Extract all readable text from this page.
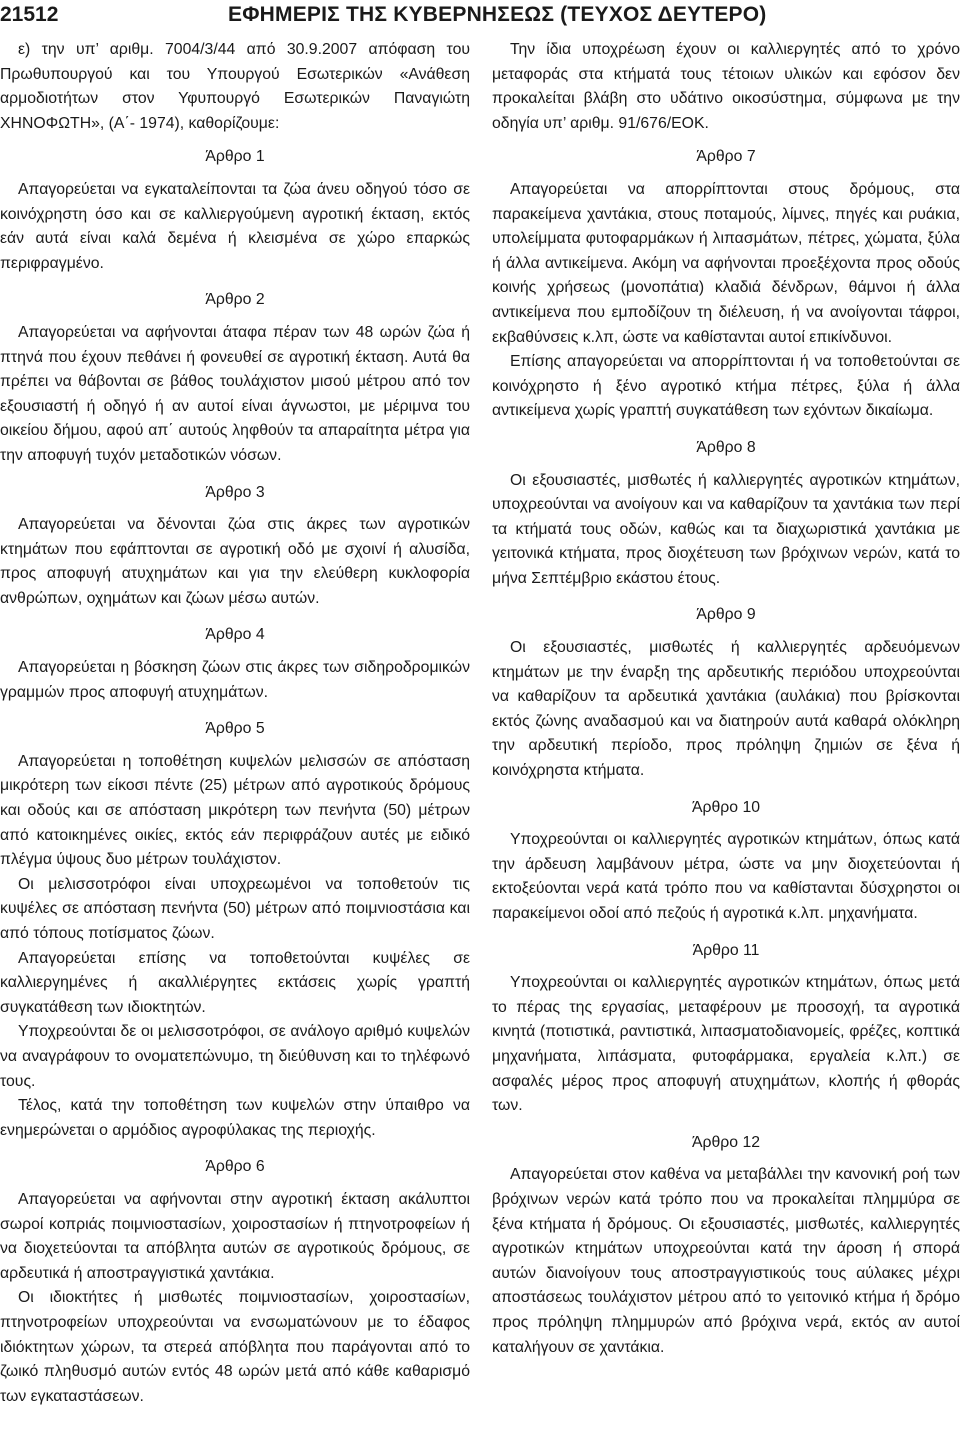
21512	ΕΦΗΜΕΡΙΣ ΤΗΣ ΚΥΒΕΡΝΗΣΕΩΣ (ΤΕΥΧΟΣ ΔΕΥΤΕΡΟ)

ε) την υπ’ αριθμ. 7004/3/44 από 30.9.2007 απόφαση του Πρωθυπουργού και του Υπουργού Εσωτερικών «Ανάθεση αρμοδιοτήτων στον Υφυπουργό Εσωτερικών Παναγιώτη ΧΗΝΟΦΩΤΗ», (Α΄- 1974), καθορίζουμε:

Άρθρο 1

Απαγορεύεται να εγκαταλείπονται τα ζώα άνευ οδηγού τόσο σε κοινόχρηστη όσο και σε καλλιεργούμενη αγροτική έκταση, εκτός εάν αυτά είναι καλά δεμένα ή κλεισμένα σε χώρο επαρκώς περιφραγμένο.

Άρθρο 2

Απαγορεύεται να αφήνονται άταφα πέραν των 48 ωρών ζώα ή πτηνά που έχουν πεθάνει ή φονευθεί σε αγροτική έκταση. Αυτά θα πρέπει να θάβονται σε βάθος τουλάχιστον μισού μέτρου από τον εξουσιαστή ή οδηγό ή αν αυτοί είναι άγνωστοι, με μέριμνα του οικείου δήμου, αφού απ΄ αυτούς ληφθούν τα απαραίτητα μέτρα για την αποφυγή τυχόν μεταδοτικών νόσων.

Άρθρο 3

Απαγορεύεται να δένονται ζώα στις άκρες των αγροτικών κτημάτων που εφάπτονται σε αγροτική οδό με σχοινί ή αλυσίδα, προς αποφυγή ατυχημάτων και για την ελεύθερη κυκλοφορία ανθρώπων, οχημάτων και ζώων μέσω αυτών.

Άρθρο 4

Απαγορεύεται η βόσκηση ζώων στις άκρες των σιδηροδρομικών γραμμών προς αποφυγή ατυχημάτων.

Άρθρο 5

Απαγορεύεται η τοποθέτηση κυψελών μελισσών σε απόσταση μικρότερη των είκοσι πέντε (25) μέτρων από αγροτικούς δρόμους και οδούς και σε απόσταση μικρότερη των πενήντα (50) μέτρων από κατοικημένες οικίες, εκτός εάν περιφράζουν αυτές με ειδικό πλέγμα ύψους δυο μέτρων τουλάχιστον.

Οι μελισσοτρόφοι είναι υποχρεωμένοι να τοποθετούν τις κυψέλες σε απόσταση πενήντα (50) μέτρων από ποιμνιοστάσια και από τόπους ποτίσματος ζώων.

Απαγορεύεται επίσης να τοποθετούνται κυψέλες σε καλλιεργημένες ή ακαλλιέργητες εκτάσεις χωρίς γραπτή συγκατάθεση των ιδιοκτητών.

Υποχρεούνται δε οι μελισσοτρόφοι, σε ανάλογο αριθμό κυψελών να αναγράφουν το ονοματεπώνυμο, τη διεύθυνση και το τηλέφωνό τους.

Τέλος, κατά την τοποθέτηση των κυψελών στην ύπαιθρο να ενημερώνεται ο αρμόδιος αγροφύλακας της περιοχής.

Άρθρο 6

Απαγορεύεται να αφήνονται στην αγροτική έκταση ακάλυπτοι σωροί κοπριάς ποιμνιοστασίων, χοιροστασίων ή πτηνοτροφείων ή να διοχετεύονται τα απόβλητα αυτών σε αγροτικούς δρόμους, σε αρδευτικά ή αποστραγγιστικά χαντάκια.

Οι ιδιοκτήτες ή μισθωτές ποιμνιοστασίων, χοιροστασίων, πτηνοτροφείων υποχρεούνται να ενσωματώνουν με το έδαφος ιδιόκτητων χώρων, τα στερεά απόβλητα που παράγονται από το ζωικό πληθυσμό αυτών εντός 48 ωρών μετά από κάθε καθαρισμό των εγκαταστάσεων.

Την ίδια υποχρέωση έχουν οι καλλιεργητές από το χρόνο μεταφοράς στα κτήματά τους τέτοιων υλικών και εφόσον δεν προκαλείται βλάβη στο υδάτινο οικοσύστημα, σύμφωνα με την οδηγία υπ’ αριθμ. 91/676/ΕΟΚ.

Άρθρο 7

Απαγορεύεται να απορρίπτονται στους δρόμους, στα παρακείμενα χαντάκια, στους ποταμούς, λίμνες, πηγές και ρυάκια, υπολείμματα φυτοφαρμάκων ή λιπασμάτων, πέτρες, χώματα, ξύλα ή άλλα αντικείμενα. Ακόμη να αφήνονται προεξέχοντα προς οδούς κοινής χρήσεως (μονοπάτια) κλαδιά δένδρων, θάμνοι ή άλλα αντικείμενα που εμποδίζουν τη διέλευση, ή να ανοίγονται τάφροι, εκβαθύνσεις κ.λπ, ώστε να καθίστανται αυτοί επικίνδυνοι.

Επίσης απαγορεύεται να απορρίπτονται ή να τοποθετούνται σε κοινόχρηστο ή ξένο αγροτικό κτήμα πέτρες, ξύλα ή άλλα αντικείμενα χωρίς γραπτή συγκατάθεση των εχόντων δικαίωμα.

Άρθρο 8

Οι εξουσιαστές, μισθωτές ή καλλιεργητές αγροτικών κτημάτων, υποχρεούνται να ανοίγουν και να καθαρίζουν τα χαντάκια των περί τα κτήματά τους οδών, καθώς και τα διαχωριστικά χαντάκια με γειτονικά κτήματα, προς διοχέτευση των βρόχινων νερών, κατά το μήνα Σεπτέμβριο εκάστου έτους.

Άρθρο 9

Οι εξουσιαστές, μισθωτές ή καλλιεργητές αρδευόμενων κτημάτων με την έναρξη της αρδευτικής περιόδου υποχρεούνται να καθαρίζουν τα αρδευτικά χαντάκια (αυλάκια) που βρίσκονται εκτός ζώνης αναδασμού και να διατηρούν αυτά καθαρά ολόκληρη την αρδευτική περίοδο, προς πρόληψη ζημιών σε ξένα ή κοινόχρηστα κτήματα.

Άρθρο 10

Υποχρεούνται οι καλλιεργητές αγροτικών κτημάτων, όπως κατά την άρδευση λαμβάνουν μέτρα, ώστε να μην διοχετεύονται ή εκτοξεύονται νερά κατά τρόπο που να καθίστανται δύσχρηστοι οι παρακείμενοι οδοί από πεζούς ή αγροτικά κ.λπ. μηχανήματα.

Άρθρο 11

Υποχρεούνται οι καλλιεργητές αγροτικών κτημάτων, όπως μετά το πέρας της εργασίας, μεταφέρουν με προσοχή, τα αγροτικά κινητά (ποτιστικά, ραντιστικά, λιπασματοδιανομείς, φρέζες, κοπτικά μηχανήματα, λιπάσματα, φυτοφάρμακα, εργαλεία κ.λπ.) σε ασφαλές μέρος προς αποφυγή ατυχημάτων, κλοπής ή φθοράς των.

Άρθρο 12

Απαγορεύεται στον καθένα να μεταβάλλει την κανονική ροή των βρόχινων νερών κατά τρόπο που να προκαλείται πλημμύρα σε ξένα κτήματα ή δρόμους. Οι εξουσιαστές, μισθωτές, καλλιεργητές αγροτικών κτημάτων υποχρεούνται κατά την άροση ή σπορά αυτών διανοίγουν τους αποστραγγιστικούς τους αύλακες μέχρι αποστάσεως τουλάχιστον μέτρου από το γειτονικό κτήμα ή δρόμο προς πρόληψη πλημμυρών από βρόχινα νερά, εκτός αν αυτοί καταλήγουν σε χαντάκια.
